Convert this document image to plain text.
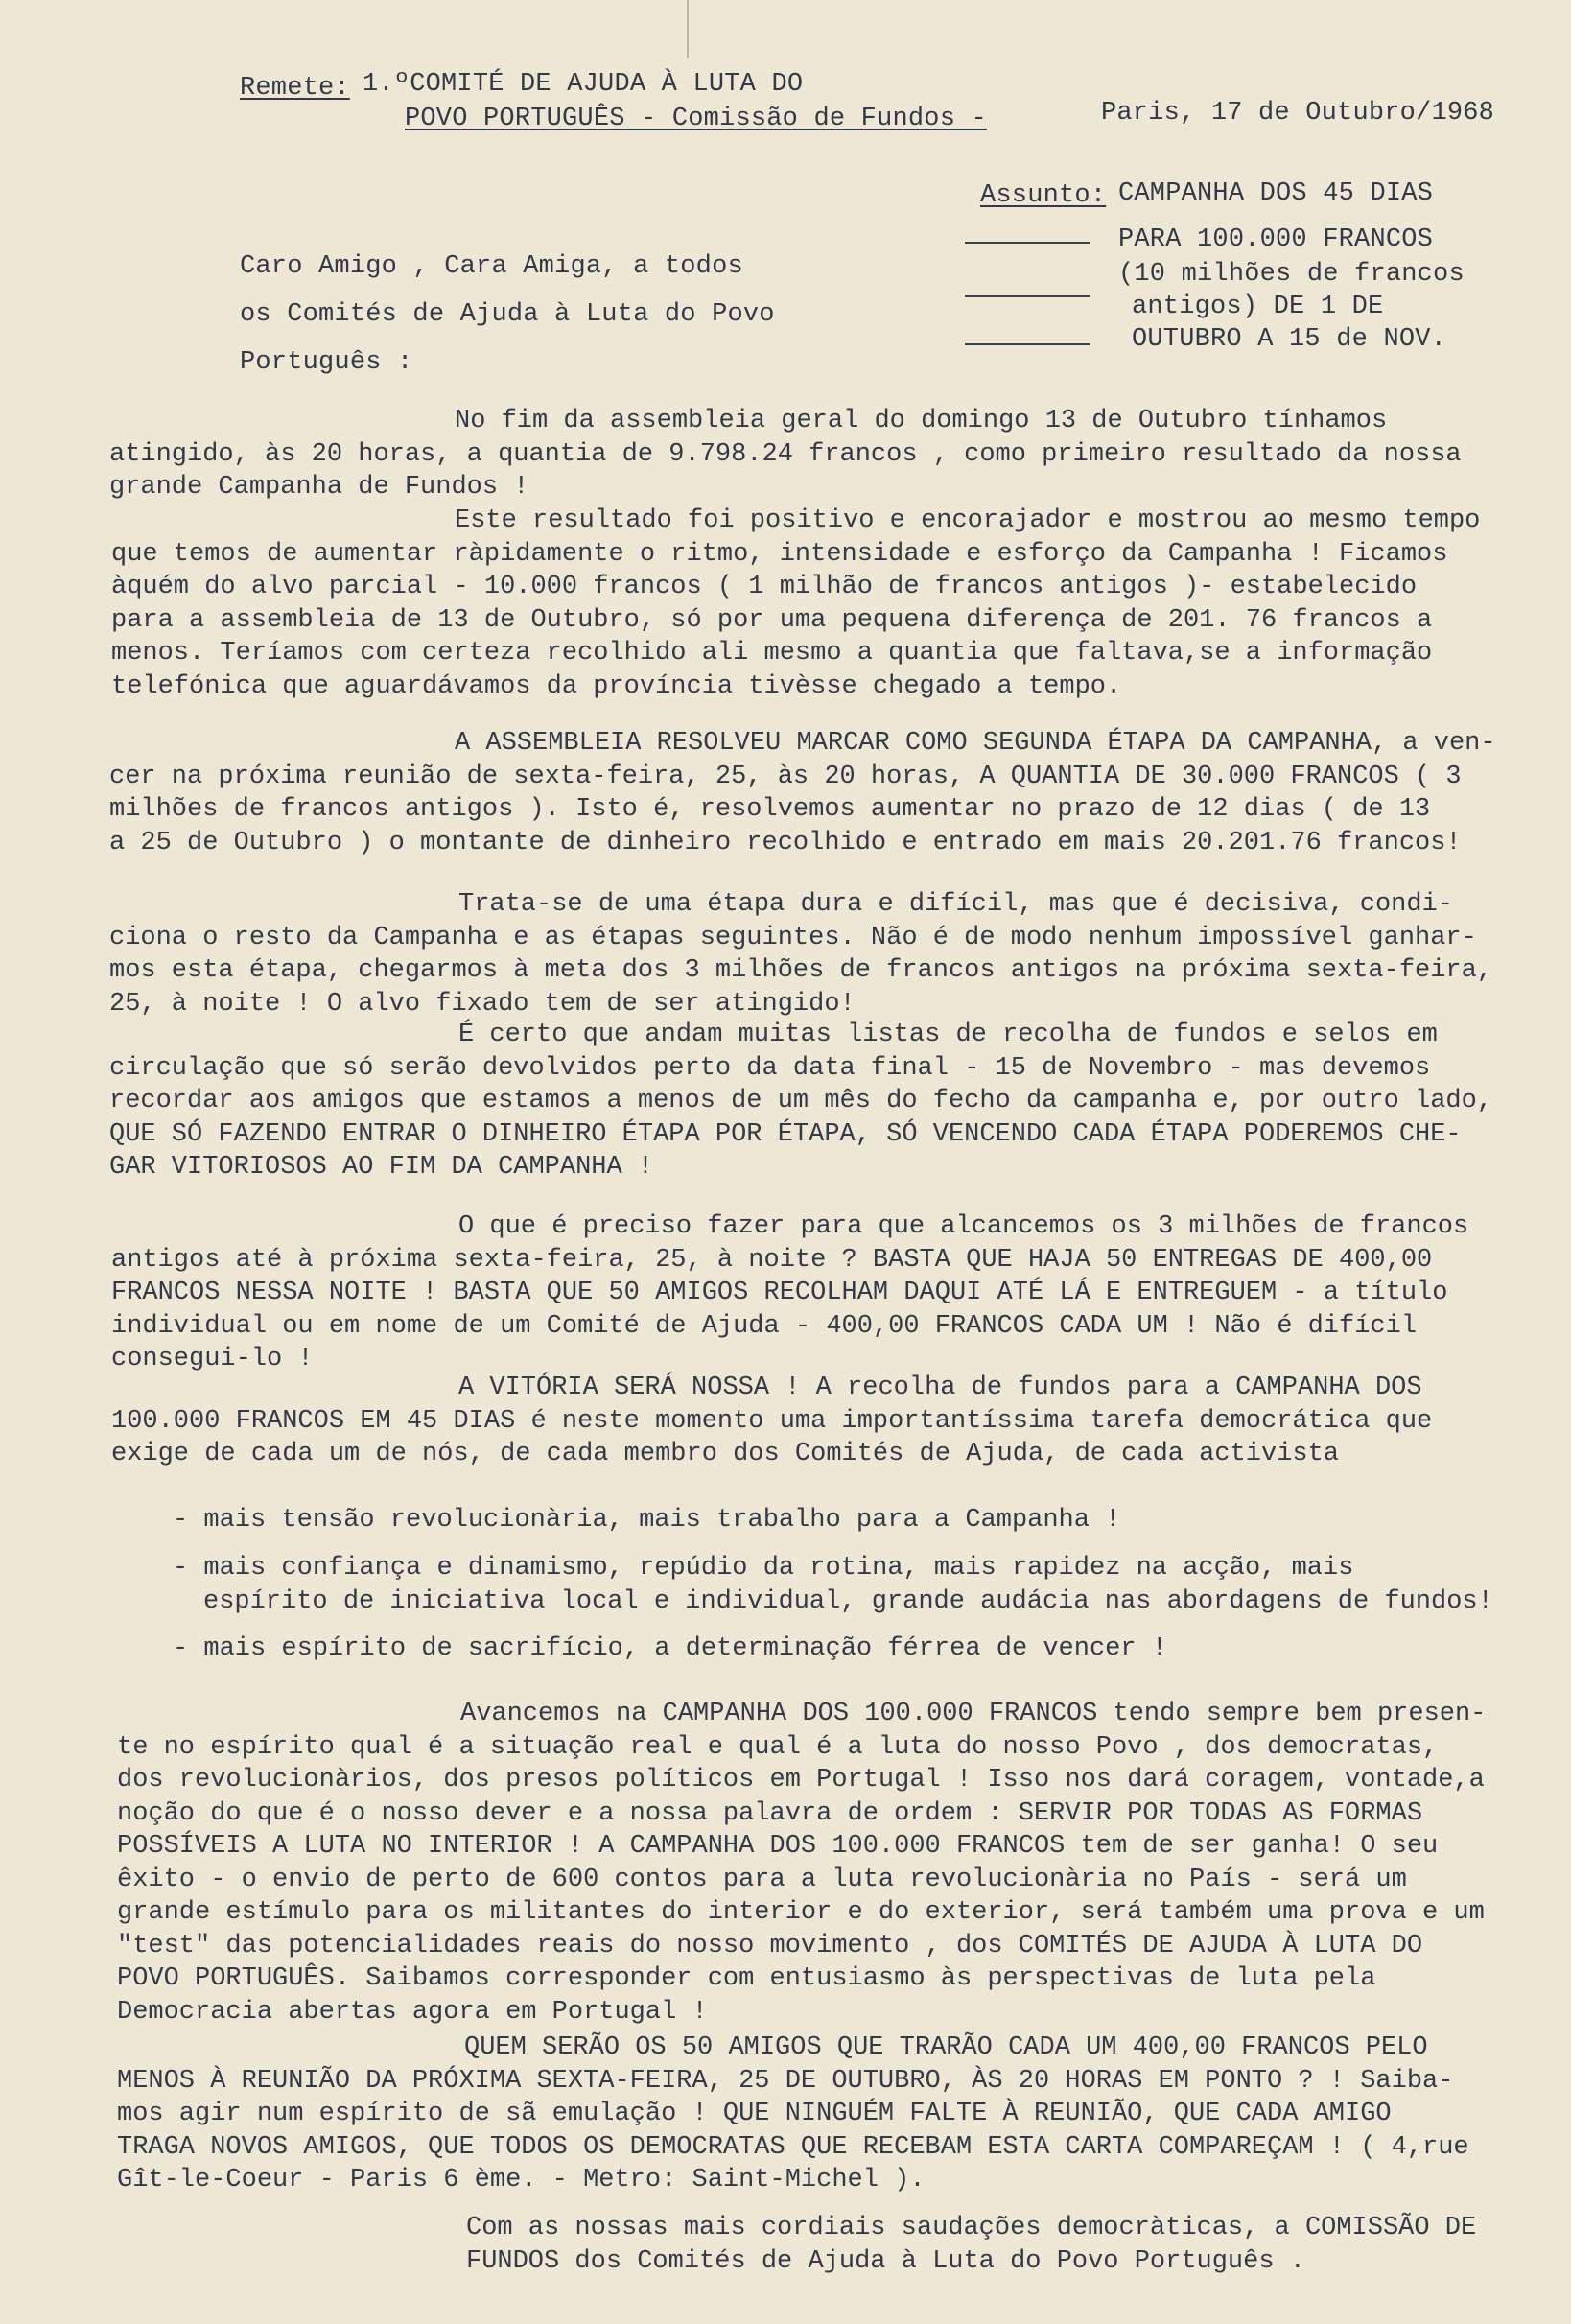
Remete: 1.ºCOMITÉ DE AJUDA À LUTA DO
POVO PORTUGUÊS - Comissão de Fundos -	Paris, 17 de Outubro/1968
Assunto: CAMPANHA DOS 45 DIAS
PARA 100.000 FRANCOS
(10 milhões de francos
antigos) DE 1 DE
OUTUBRO A 15 de NOV.
Caro Amigo , Cara Amiga, a todos
os Comités de Ajuda à Luta do Povo
Português :
No fim da assembleia geral do domingo 13 de Outubro tínhamos
atingido, às 20 horas, a quantia de 9.798.24 francos , como primeiro resultado da nossa
grande Campanha de Fundos !
Este resultado foi positivo e encorajador e mostrou ao mesmo tempo
que temos de aumentar ràpidamente o ritmo, intensidade e esforço da Campanha ! Ficamos
àquém do alvo parcial - 10.000 francos ( 1 milhão de francos antigos )- estabelecido
para a assembleia de 13 de Outubro, só por uma pequena diferença de 201. 76 francos a
menos. Teríamos com certeza recolhido ali mesmo a quantia que faltava,se a informação
telefónica que aguardávamos da província tivèsse chegado a tempo.
A ASSEMBLEIA RESOLVEU MARCAR COMO SEGUNDA ÉTAPA DA CAMPANHA, a ven-
cer na próxima reunião de sexta-feira, 25, às 20 horas, A QUANTIA DE 30.000 FRANCOS ( 3
milhões de francos antigos ). Isto é, resolvemos aumentar no prazo de 12 dias ( de 13
a 25 de Outubro ) o montante de dinheiro recolhido e entrado em mais 20.201.76 francos!
Trata-se de uma étapa dura e difícil, mas que é decisiva, condi-
ciona o resto da Campanha e as étapas seguintes. Não é de modo nenhum impossível ganhar-
mos esta étapa, chegarmos à meta dos 3 milhões de francos antigos na próxima sexta-feira,
25, à noite ! O alvo fixado tem de ser atingido!
É certo que andam muitas listas de recolha de fundos e selos em
circulação que só serão devolvidos perto da data final - 15 de Novembro - mas devemos
recordar aos amigos que estamos a menos de um mês do fecho da campanha e, por outro lado,
QUE SÓ FAZENDO ENTRAR O DINHEIRO ÉTAPA POR ÉTAPA, SÓ VENCENDO CADA ÉTAPA PODEREMOS CHE-
GAR VITORIOSOS AO FIM DA CAMPANHA !
O que é preciso fazer para que alcancemos os 3 milhões de francos
antigos até à próxima sexta-feira, 25, à noite ? BASTA QUE HAJA 50 ENTREGAS DE 400,00
FRANCOS NESSA NOITE ! BASTA QUE 50 AMIGOS RECOLHAM DAQUI ATÉ LÁ E ENTREGUEM - a título
individual ou em nome de um Comité de Ajuda - 400,00 FRANCOS CADA UM ! Não é difícil
consegui-lo !
A VITÓRIA SERÁ NOSSA ! A recolha de fundos para a CAMPANHA DOS
100.000 FRANCOS EM 45 DIAS é neste momento uma importantíssima tarefa democrática que
exige de cada um de nós, de cada membro dos Comités de Ajuda, de cada activista
- mais tensão revolucionària, mais trabalho para a Campanha !
- mais confiança e dinamismo, repúdio da rotina, mais rapidez na acção, mais
espírito de iniciativa local e individual, grande audácia nas abordagens de fundos!
- mais espírito de sacrifício, a determinação férrea de vencer !
Avancemos na CAMPANHA DOS 100.000 FRANCOS tendo sempre bem presen-
te no espírito qual é a situação real e qual é a luta do nosso Povo , dos democratas,
dos revolucionàrios, dos presos políticos em Portugal ! Isso nos dará coragem, vontade,a
noção do que é o nosso dever e a nossa palavra de ordem : SERVIR POR TODAS AS FORMAS
POSSÍVEIS A LUTA NO INTERIOR ! A CAMPANHA DOS 100.000 FRANCOS tem de ser ganha! O seu
êxito - o envio de perto de 600 contos para a luta revolucionària no País - será um
grande estímulo para os militantes do interior e do exterior, será também uma prova e um
"test" das potencialidades reais do nosso movimento , dos COMITÉS DE AJUDA À LUTA DO
POVO PORTUGUÊS. Saibamos corresponder com entusiasmo às perspectivas de luta pela
Democracia abertas agora em Portugal !
QUEM SERÃO OS 50 AMIGOS QUE TRARÃO CADA UM 400,00 FRANCOS PELO
MENOS À REUNIÃO DA PRÓXIMA SEXTA-FEIRA, 25 DE OUTUBRO, ÀS 20 HORAS EM PONTO ? ! Saiba-
mos agir num espírito de sã emulação ! QUE NINGUÉM FALTE À REUNIÃO, QUE CADA AMIGO
TRAGA NOVOS AMIGOS, QUE TODOS OS DEMOCRATAS QUE RECEBAM ESTA CARTA COMPAREÇAM ! ( 4,rue
Gît-le-Coeur - Paris 6 ème. - Metro: Saint-Michel ).
Com as nossas mais cordiais saudações democràticas, a COMISSÃO DE
FUNDOS dos Comités de Ajuda à Luta do Povo Português .
